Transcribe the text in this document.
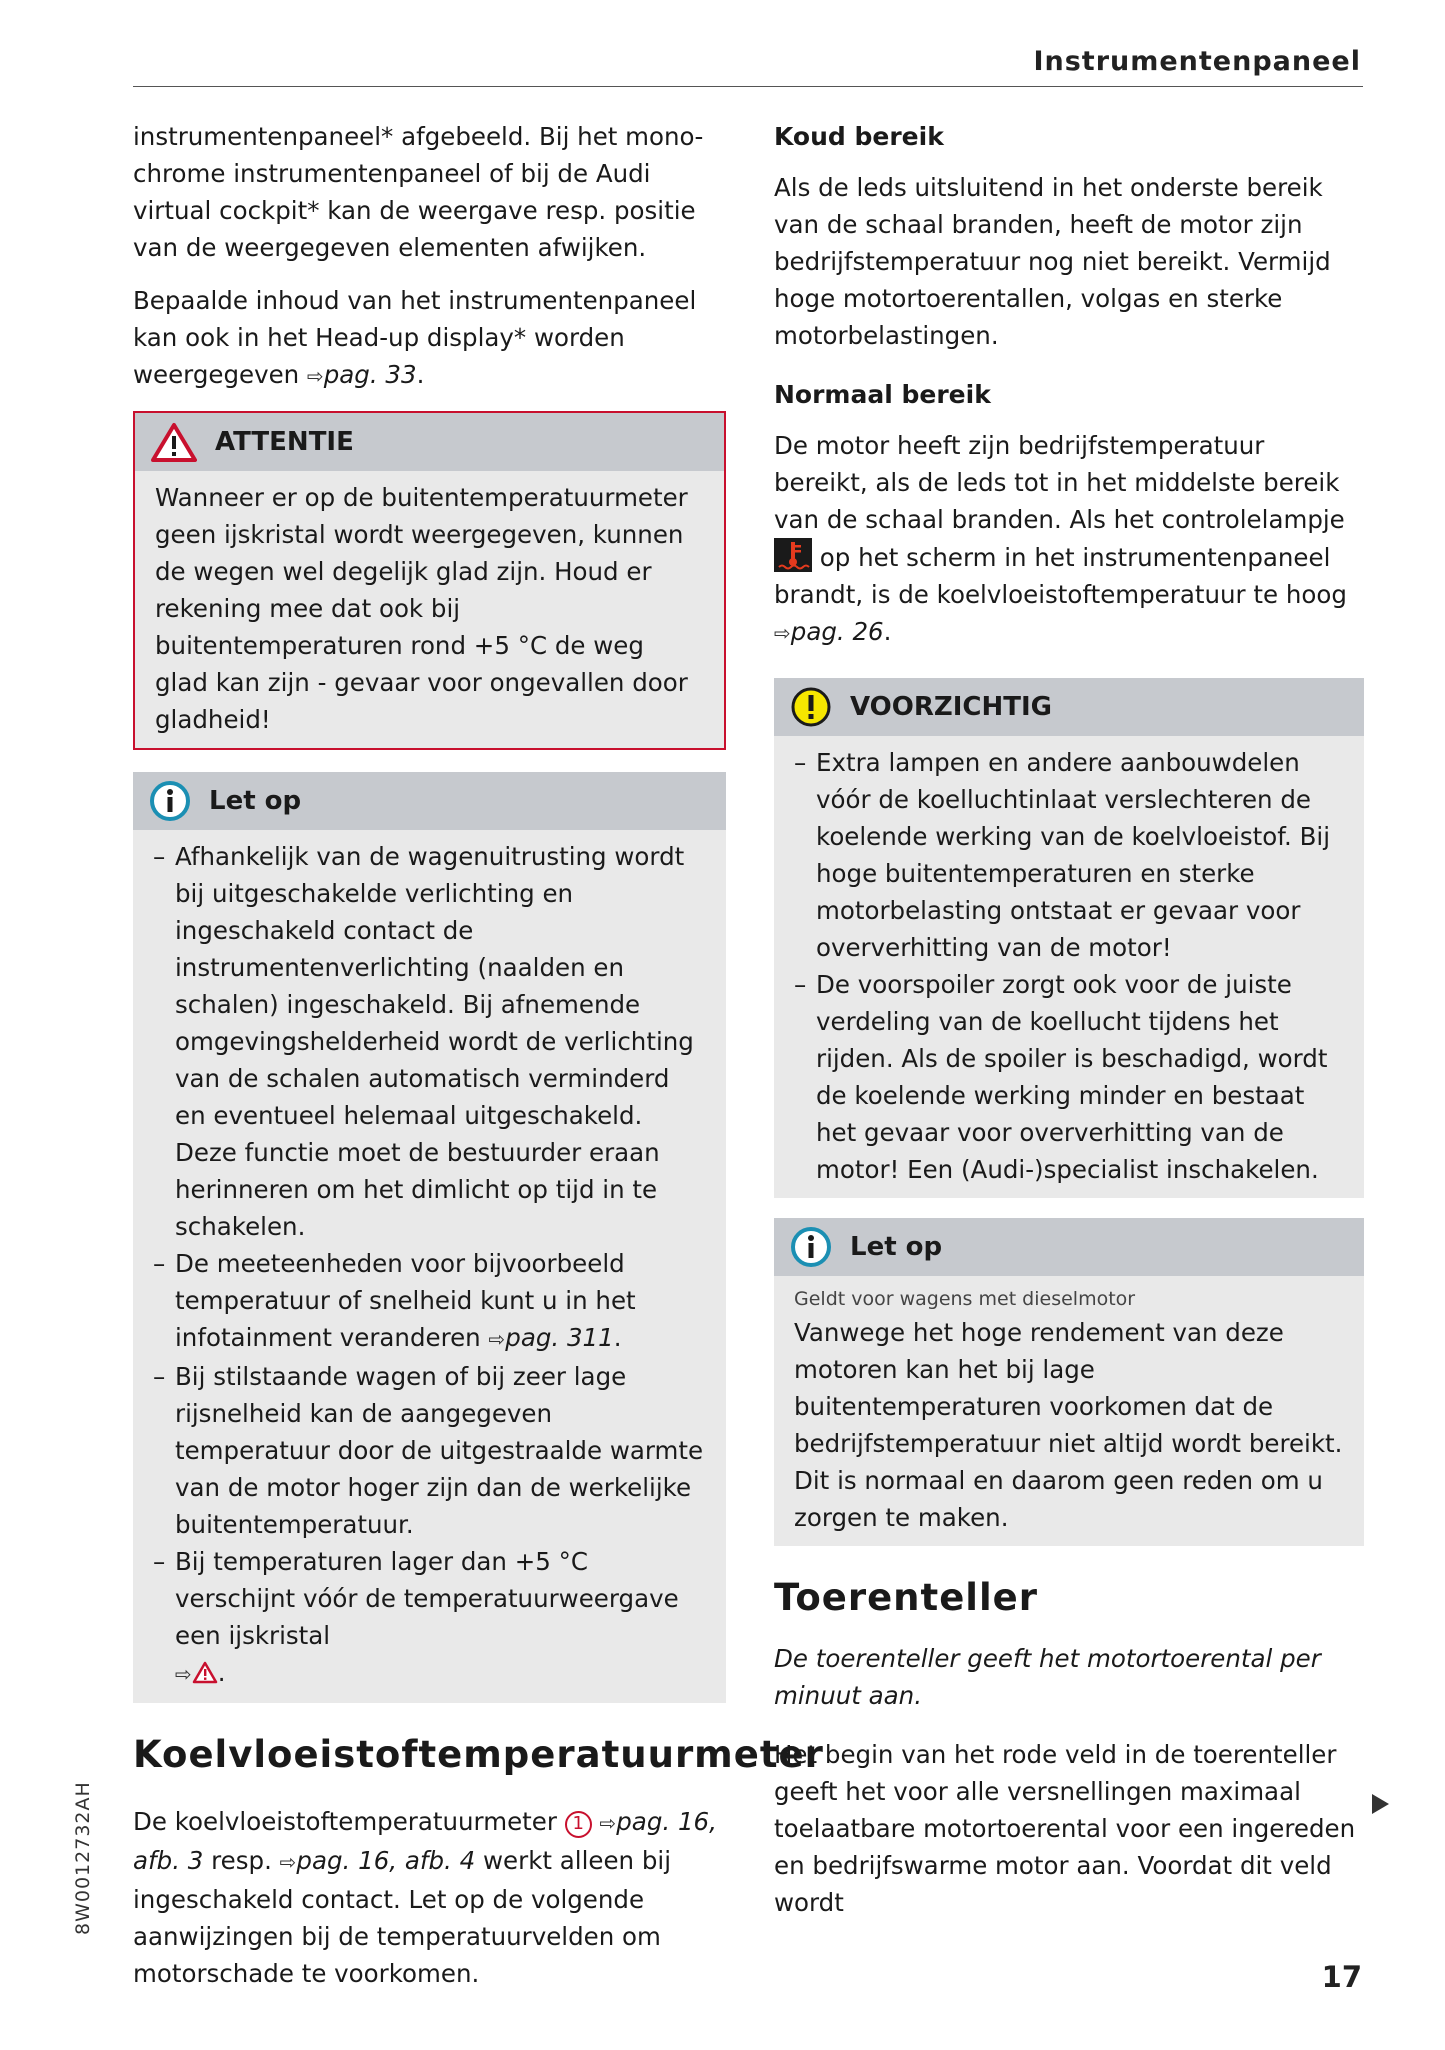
Instrumentenpaneel

instrumentenpaneel* afgebeeld. Bij het monochrome instrumentenpaneel of bij de Audi virtual cockpit* kan de weergave resp. positie van de weergegeven elementen afwijken.

Bepaalde inhoud van het instrumentenpaneel kan ook in het Head-up display* worden weergegeven ⇨pag. 33.

ATTENTIE

Wanneer er op de buitentemperatuurmeter geen ijskristal wordt weergegeven, kunnen de wegen wel degelijk glad zijn. Houd er rekening mee dat ook bij buitentemperaturen rond +5 °C de weg glad kan zijn - gevaar voor ongevallen door gladheid!

Let op
– Afhankelijk van de wagenuitrusting wordt bij uitgeschakelde verlichting en ingeschakeld contact de instrumentenverlichting (naalden en schalen) ingeschakeld. Bij afnemende omgevingshelderheid wordt de verlichting van de schalen automatisch verminderd en eventueel helemaal uitgeschakeld. Deze functie moet de bestuurder eraan herinneren om het dimlicht op tijd in te schakelen.
– De meeteenheden voor bijvoorbeeld temperatuur of snelheid kunt u in het infotainment veranderen ⇨pag. 311.
– Bij stilstaande wagen of bij zeer lage rijsnelheid kan de aangegeven temperatuur door de uitgestraalde warmte van de motor hoger zijn dan de werkelijke buitentemperatuur.
– Bij temperaturen lager dan +5 °C verschijnt vóór de temperatuurweergave een ijskristal
⇨ .
Koelvloeistoftemperatuurmeter

De koelvloeistoftemperatuurmeter 1 ⇨pag. 16, afb. 3 resp. ⇨pag. 16, afb. 4 werkt alleen bij ingeschakeld contact. Let op de volgende aanwijzingen bij de temperatuurvelden om motorschade te voorkomen.

Koud bereik

Als de leds uitsluitend in het onderste bereik van de schaal branden, heeft de motor zijn bedrijfstemperatuur nog niet bereikt. Vermijd hoge motortoerentallen, volgas en sterke motorbelastingen.

Normaal bereik

De motor heeft zijn bedrijfstemperatuur bereikt, als de leds tot in het middelste bereik van de schaal branden. Als het controlelampje
op het scherm in het instrumentenpaneel brandt, is de koelvloeistoftemperatuur te hoog ⇨pag. 26.

VOORZICHTIG
– Extra lampen en andere aanbouwdelen vóór de koelluchtinlaat verslechteren de koelende werking van de koelvloeistof. Bij hoge buitentemperaturen en sterke motorbelasting ontstaat er gevaar voor oververhitting van de motor!
– De voorspoiler zorgt ook voor de juiste verdeling van de koellucht tijdens het rijden. Als de spoiler is beschadigd, wordt de koelende werking minder en bestaat het gevaar voor oververhitting van de motor! Een (Audi-)specialist inschakelen.
Let op

Geldt voor wagens met dieselmotor

Vanwege het hoge rendement van deze motoren kan het bij lage buitentemperaturen voorkomen dat de bedrijfstemperatuur niet altijd wordt bereikt. Dit is normaal en daarom geen reden om u zorgen te maken.

Toerenteller

De toerenteller geeft het motortoerental per minuut aan.

Het begin van het rode veld in de toerenteller geeft het voor alle versnellingen maximaal toelaatbare motortoerental voor een ingereden en bedrijfswarme motor aan. Voordat dit veld wordt

8W0012732AH
17
